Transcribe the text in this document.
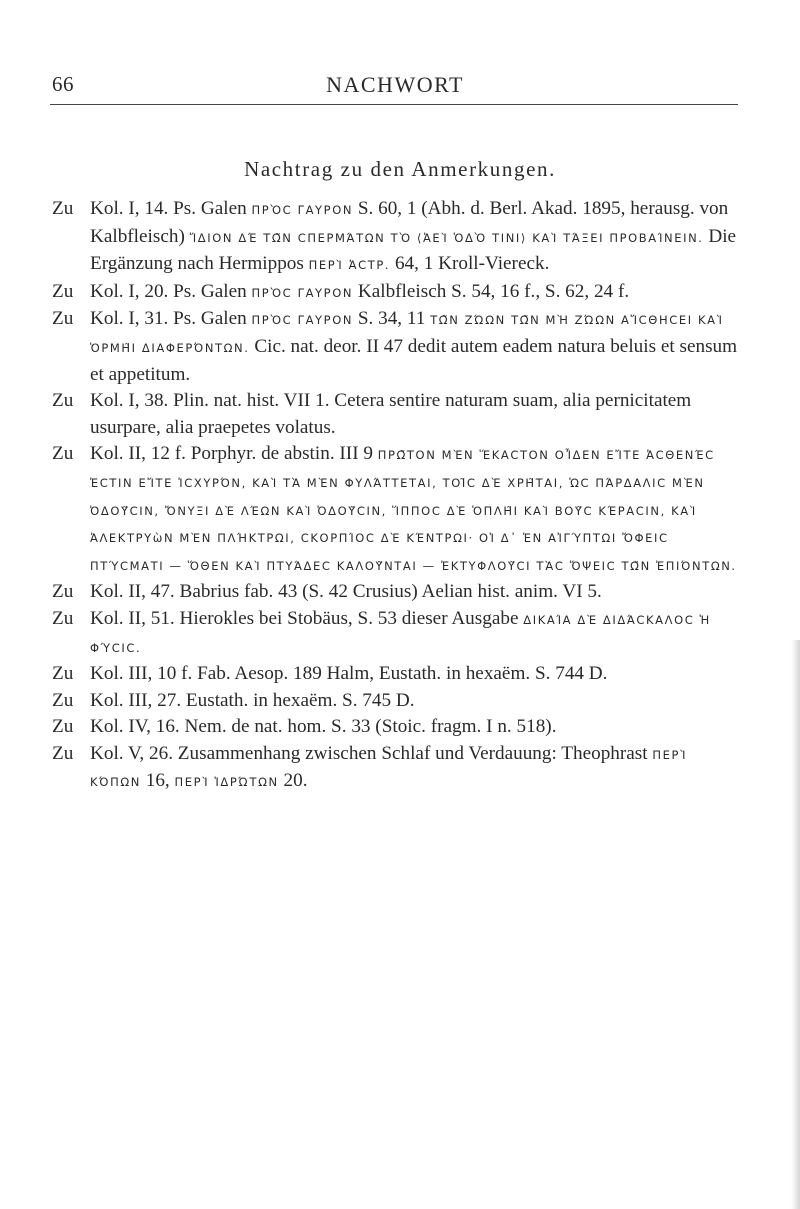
66	NACHWORT
Nachtrag zu den Anmerkungen.
Zu Kol. I, 14. Ps. Galen ΠΡῸC ΓΑΥΡΟΝ S. 60, 1 (Abh. d. Berl. Akad. 1895, herausg. von Kalbfleisch) ἼΔΙΟΝ ΔΈ ΤΩ͂Ν CΠΕΡΜΆΤΩΝ ΤῸ ⟨ἈΕῚ ὉΔῸ ΤΙΝΙ⟩ ΚΑῚ ΤΆΞΕΙ ΠΡΟΒΑΊΝΕΙΝ. Die Ergänzung nach Hermippos ΠΕΡῚ ἈCΤΡ. 64, 1 Kroll-Viereck.
Zu Kol. I, 20. Ps. Galen ΠΡῸC ΓΑΥΡΟΝ Kalbfleisch S. 54, 16 f., S. 62, 24 f.
Zu Kol. I, 31. Ps. Galen ΠΡῸC ΓΑΥΡΟΝ S. 34, 11 ΤΩ͂Ν ΖΏΩΝ ΤΩ͂Ν ΜῊ ΖΏΩΝ ΑἼCΘΗCΕΙ ΚΑῚ ὉΡΜΗ͂Ι ΔΙΑΦΕΡΌΝΤΩΝ. Cic. nat. deor. II 47 dedit autem eadem natura beluis et sensum et appetitum.
Zu Kol. I, 38. Plin. nat. hist. VII 1. Cetera sentire naturam suam, alia pernicitatem usurpare, alia praepetes volatus.
Zu Kol. II, 12 f. Porphyr. de abstin. III 9 ΠΡΩ͂ΤΟΝ ΜῈΝ ἝΚΑCΤΟΝ ΟἾΔΕΝ ΕἼΤΕ ἈCΘΕΝΈC ἘCΤΙΝ ΕἼΤΕ ἸCΧΥΡΌΝ, ΚΑῚ ΤᾺ ΜῈΝ ΦΥΛΆΤΤΕΤΑΙ, ΤΟΙ͂C ΔῈ ΧΡΗ͂ΤΑΙ, ὩC ΠΆΡΔΑΛΙC ΜῈΝ ὈΔΟΥ͂CΙΝ, ὌΝΥΞΙ ΔῈ ΛΈΩΝ ΚΑῚ ὈΔΟΥ͂CΙΝ, ἽΠΠΟC ΔῈ ὉΠΛΗ͂Ι ΚΑῚ ΒΟΥ͂C ΚΈΡΑCΙΝ, ΚΑῚ ἈΛΕΚΤΡΥὼΝ ΜῈΝ ΠΛΉΚΤΡΩΙ, CΚΟΡΠΊΟC ΔῈ ΚΈΝΤΡΩΙ· ΟἹ Δ᾽ ἘΝ ΑἸΓΎΠΤΩΙ ὌΦΕΙC ΠΤΎCΜΑΤΙ — ὍΘΕΝ ΚΑῚ ΠΤΥΆΔΕC ΚΑΛΟΥ͂ΝΤΑΙ — ἘΚΤΥΦΛΟΥ͂CΙ ΤᾺC ὌΨΕΙC ΤΩ͂Ν ἘΠΙΌΝΤΩΝ.
Zu Kol. II, 47. Babrius fab. 43 (S. 42 Crusius) Aelian hist. anim. VI 5.
Zu Kol. II, 51. Hierokles bei Stobäus, S. 53 dieser Ausgabe ΔΙΚΑΊΑ ΔῈ ΔΙΔΆCΚΑΛΟC Ἡ ΦΎCΙC.
Zu Kol. III, 10 f. Fab. Aesop. 189 Halm, Eustath. in hexaëm. S. 744 D.
Zu Kol. III, 27. Eustath. in hexaëm. S. 745 D.
Zu Kol. IV, 16. Nem. de nat. hom. S. 33 (Stoic. fragm. I n. 518).
Zu Kol. V, 26. Zusammenhang zwischen Schlaf und Verdauung: Theophrast ΠΕΡῚ ΚΌΠΩΝ 16, ΠΕΡῚ ἹΔΡΏΤΩΝ 20.
